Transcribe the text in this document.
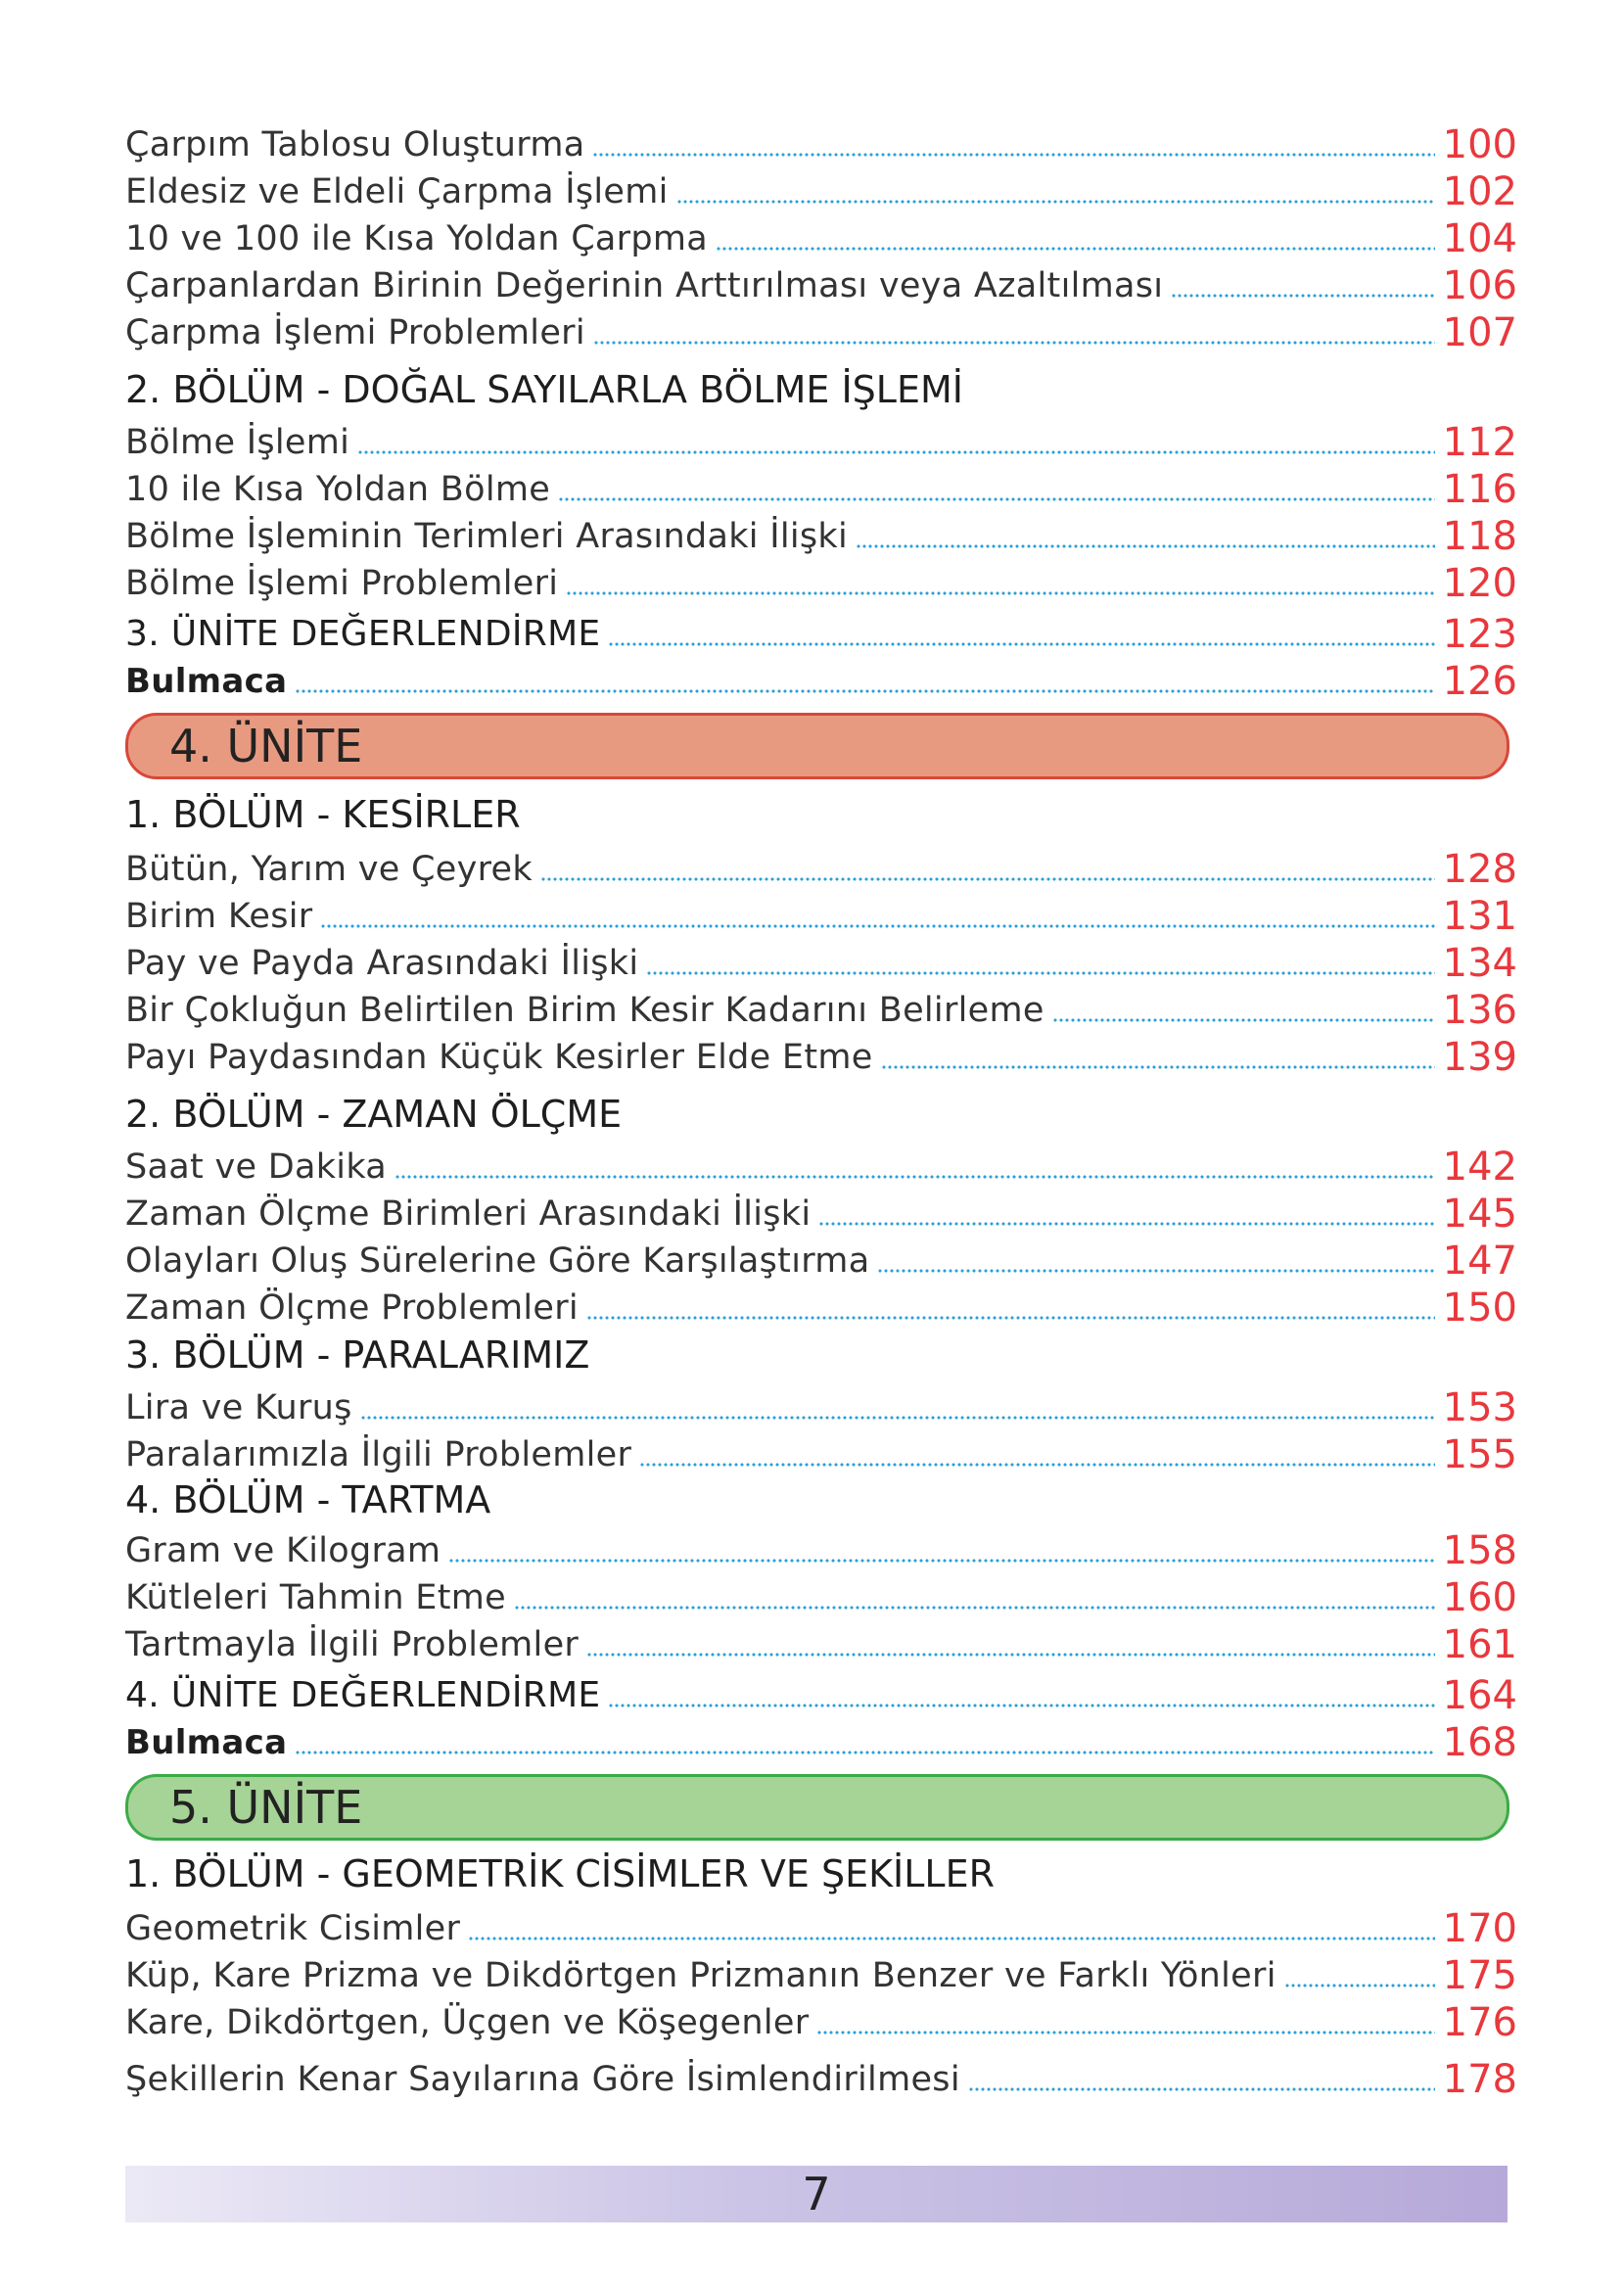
Çarpım Tablosu Oluşturma	100
Eldesiz ve Eldeli Çarpma İşlemi	102
10 ve 100 ile Kısa Yoldan Çarpma	104
Çarpanlardan Birinin Değerinin Arttırılması veya Azaltılması	106
Çarpma İşlemi Problemleri	107
2. BÖLÜM - DOĞAL SAYILARLA BÖLME İŞLEMİ
Bölme İşlemi	112
10 ile Kısa Yoldan Bölme	116
Bölme İşleminin Terimleri Arasındaki İlişki	118
Bölme İşlemi Problemleri	120
3. ÜNİTE DEĞERLENDİRME	123
Bulmaca	126
4. ÜNİTE
1. BÖLÜM - KESİRLER
Bütün, Yarım ve Çeyrek	128
Birim Kesir	131
Pay ve Payda Arasındaki İlişki	134
Bir Çokluğun Belirtilen Birim Kesir Kadarını Belirleme	136
Payı Paydasından Küçük Kesirler Elde Etme	139
2. BÖLÜM - ZAMAN ÖLÇME
Saat ve Dakika	142
Zaman Ölçme Birimleri Arasındaki İlişki	145
Olayları Oluş Sürelerine Göre Karşılaştırma	147
Zaman Ölçme Problemleri	150
3. BÖLÜM - PARALARIMIZ
Lira ve Kuruş	153
Paralarımızla İlgili Problemler	155
4. BÖLÜM - TARTMA
Gram ve Kilogram	158
Kütleleri Tahmin Etme	160
Tartmayla İlgili Problemler	161
4. ÜNİTE DEĞERLENDİRME	164
Bulmaca	168
5. ÜNİTE
1. BÖLÜM - GEOMETRİK CİSİMLER VE ŞEKİLLER
Geometrik Cisimler	170
Küp, Kare Prizma ve Dikdörtgen Prizmanın Benzer ve Farklı Yönleri	175
Kare, Dikdörtgen, Üçgen ve Köşegenler	176
Şekillerin Kenar Sayılarına Göre İsimlendirilmesi	178
7
